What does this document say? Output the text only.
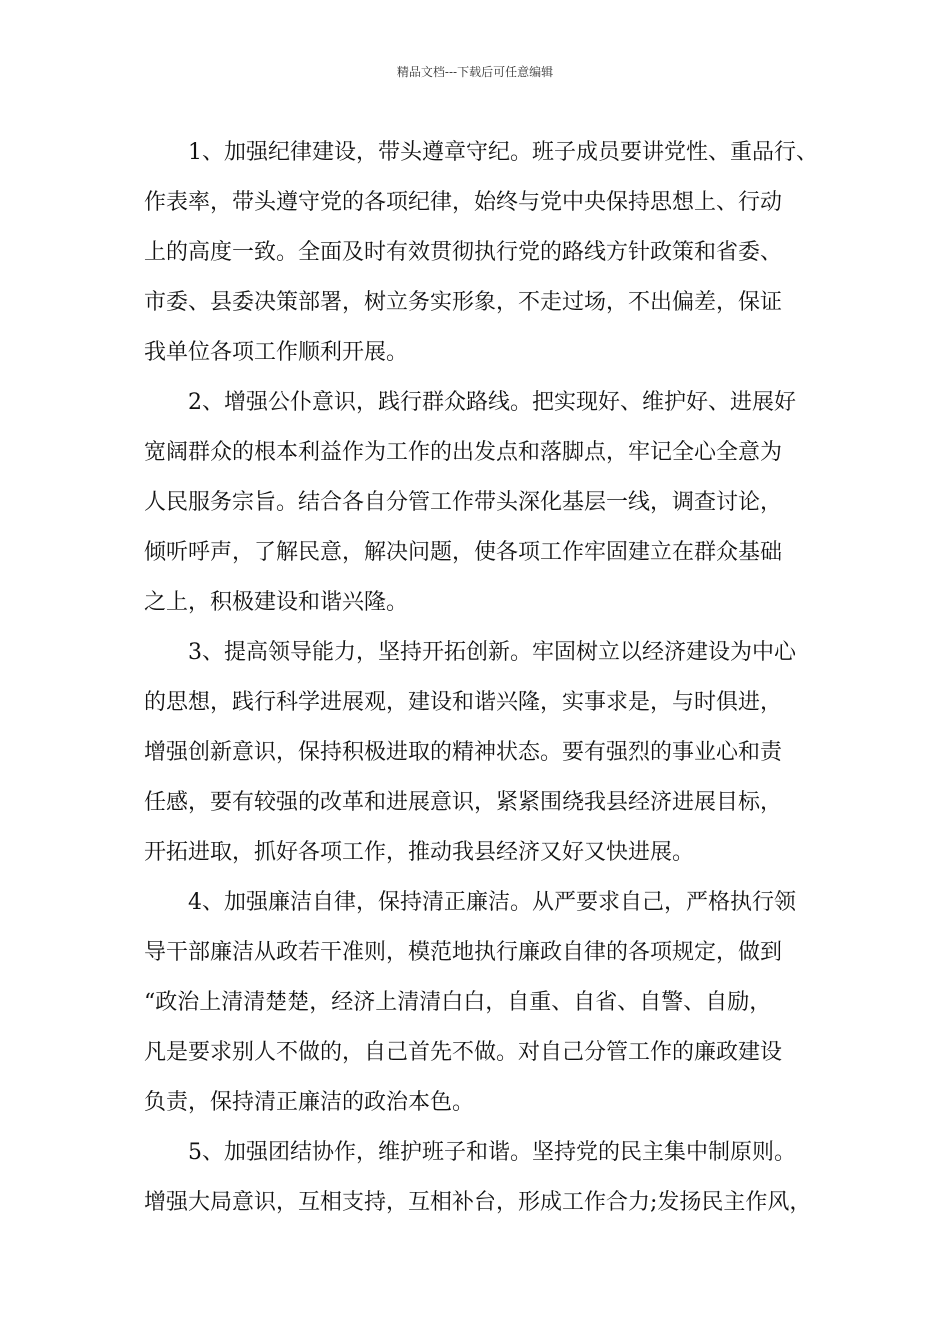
精品文档---下载后可任意编辑

1、加强纪律建设，带头遵章守纪。班子成员要讲党性、重品行、
作表率，带头遵守党的各项纪律，始终与党中央保持思想上、行动
上的高度一致。全面及时有效贯彻执行党的路线方针政策和省委、
市委、县委决策部署，树立务实形象，不走过场，不出偏差，保证
我单位各项工作顺利开展。

2、增强公仆意识，践行群众路线。把实现好、维护好、进展好
宽阔群众的根本利益作为工作的出发点和落脚点，牢记全心全意为
人民服务宗旨。结合各自分管工作带头深化基层一线，调查讨论，
倾听呼声，了解民意，解决问题，使各项工作牢固建立在群众基础
之上，积极建设和谐兴隆。

3、提高领导能力，坚持开拓创新。牢固树立以经济建设为中心
的思想，践行科学进展观，建设和谐兴隆，实事求是，与时俱进，
增强创新意识，保持积极进取的精神状态。要有强烈的事业心和责
任感，要有较强的改革和进展意识，紧紧围绕我县经济进展目标，
开拓进取，抓好各项工作，推动我县经济又好又快进展。

4、加强廉洁自律，保持清正廉洁。从严要求自己，严格执行领
导干部廉洁从政若干准则，模范地执行廉政自律的各项规定，做到
“政治上清清楚楚，经济上清清白白，自重、自省、自警、自励，
凡是要求别人不做的，自己首先不做。对自己分管工作的廉政建设
负责，保持清正廉洁的政治本色。

5、加强团结协作，维护班子和谐。坚持党的民主集中制原则。
增强大局意识，互相支持，互相补台，形成工作合力;发扬民主作风，
